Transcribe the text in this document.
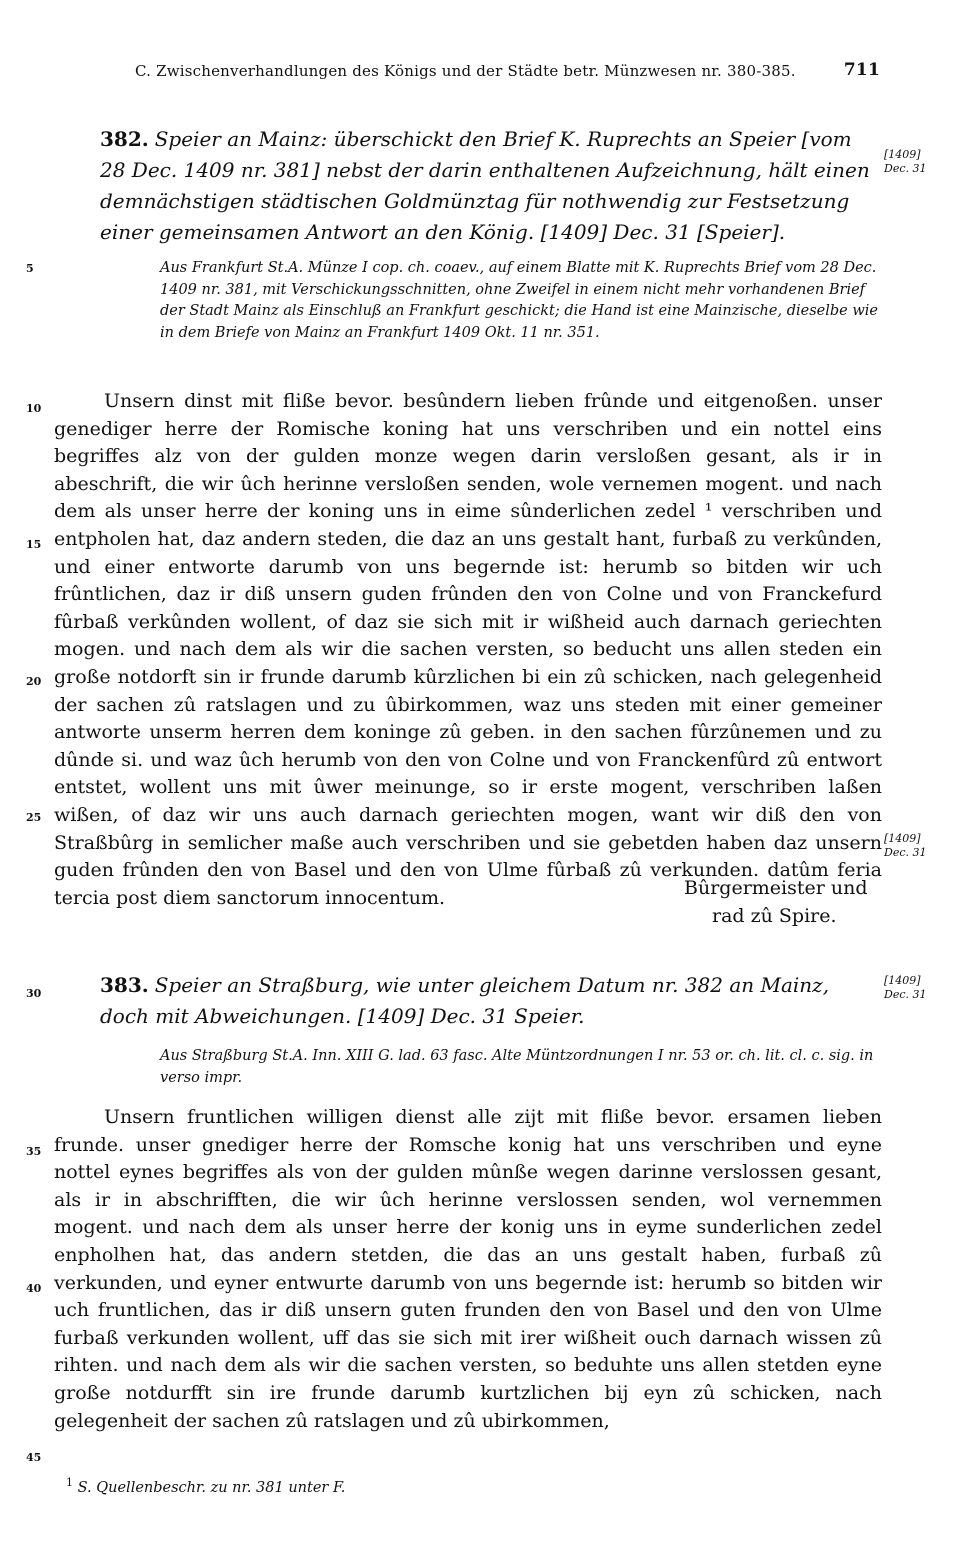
C. Zwischenverhandlungen des Königs und der Städte betr. Münzwesen nr. 380-385.	711
5
10
15
20
25
30
35
40
45
382. Speier an Mainz: überschickt den Brief K. Ruprechts an Speier [vom 28 Dec. 1409 nr. 381] nebst der darin enthaltenen Aufzeichnung, hält einen demnächstigen städtischen Goldmünztag für nothwendig zur Festsetzung einer gemeinsamen Antwort an den König. [1409] Dec. 31 [Speier].
[1409]
Dec. 31
Aus Frankfurt St.A. Münze I cop. ch. coaev., auf einem Blatte mit K. Ruprechts Brief vom 28 Dec. 1409 nr. 381, mit Verschickungsschnitten, ohne Zweifel in einem nicht mehr vorhandenen Brief der Stadt Mainz als Einschluß an Frankfurt geschickt; die Hand ist eine Mainzische, dieselbe wie in dem Briefe von Mainz an Frankfurt 1409 Okt. 11 nr. 351.

Unsern dinst mit fliße bevor. besûndern lieben frûnde und eitgenoßen. unser genediger herre der Romische koning hat uns verschriben und ein nottel eins begriffes alz von der gulden monze wegen darin versloßen gesant, als ir in abeschrift, die wir ûch herinne versloßen senden, wole vernemen mogent. und nach dem als unser herre der koning uns in eime sûnderlichen zedel ¹ verschriben und entpholen hat, daz andern steden, die daz an uns gestalt hant, furbaß zu verkûnden, und einer entworte darumb von uns begernde ist: herumb so bitden wir uch frûntlichen, daz ir diß unsern guden frûnden den von Colne und von Franckefurd fûrbaß verkûnden wollent, of daz sie sich mit ir wißheid auch darnach geriechten mogen. und nach dem als wir die sachen versten, so beducht uns allen steden ein große notdorft sin ir frunde darumb kûrzlichen bi ein zû schicken, nach gelegenheid der sachen zû ratslagen und zu ûbirkommen, waz uns steden mit einer gemeiner antworte unserm herren dem koninge zû geben. in den sachen fûrzûnemen und zu dûnde si. und waz ûch herumb von den von Colne und von Franckenfûrd zû entwort entstet, wollent uns mit ûwer meinunge, so ir erste mogent, verschriben laßen wißen, of daz wir uns auch darnach geriechten mogen, want wir diß den von Straßbûrg in semlicher maße auch verschriben und sie gebetden haben daz unsern guden frûnden den von Basel und den von Ulme fûrbaß zû verkunden. datûm feria tercia post diem sanctorum innocentum.

[1409]
Dec. 31
Bûrgermeister und
rad zû Spire.
383. Speier an Straßburg, wie unter gleichem Datum nr. 382 an Mainz, doch mit Abweichungen. [1409] Dec. 31 Speier.
[1409]
Dec. 31
Aus Straßburg St.A. Inn. XIII G. lad. 63 fasc. Alte Müntzordnungen I nr. 53 or. ch. lit. cl. c. sig. in verso impr.

Unsern fruntlichen willigen dienst alle zijt mit fliße bevor. ersamen lieben frunde. unser gnediger herre der Romsche konig hat uns verschriben und eyne nottel eynes begriffes als von der gulden mûnße wegen darinne verslossen gesant, als ir in abschrifften, die wir ûch herinne verslossen senden, wol vernemmen mogent. und nach dem als unser herre der konig uns in eyme sunderlichen zedel enpholhen hat, das andern stetden, die das an uns gestalt haben, furbaß zû verkunden, und eyner entwurte darumb von uns begernde ist: herumb so bitden wir uch fruntlichen, das ir diß unsern guten frunden den von Basel und den von Ulme furbaß verkunden wollent, uff das sie sich mit irer wißheit ouch darnach wissen zû rihten. und nach dem als wir die sachen versten, so beduhte uns allen stetden eyne große notdurfft sin ire frunde darumb kurtzlichen bij eyn zû schicken, nach gelegenheit der sachen zû ratslagen und zû ubirkommen,

$^1$ S. Quellenbeschr. zu nr. 381 unter F.
